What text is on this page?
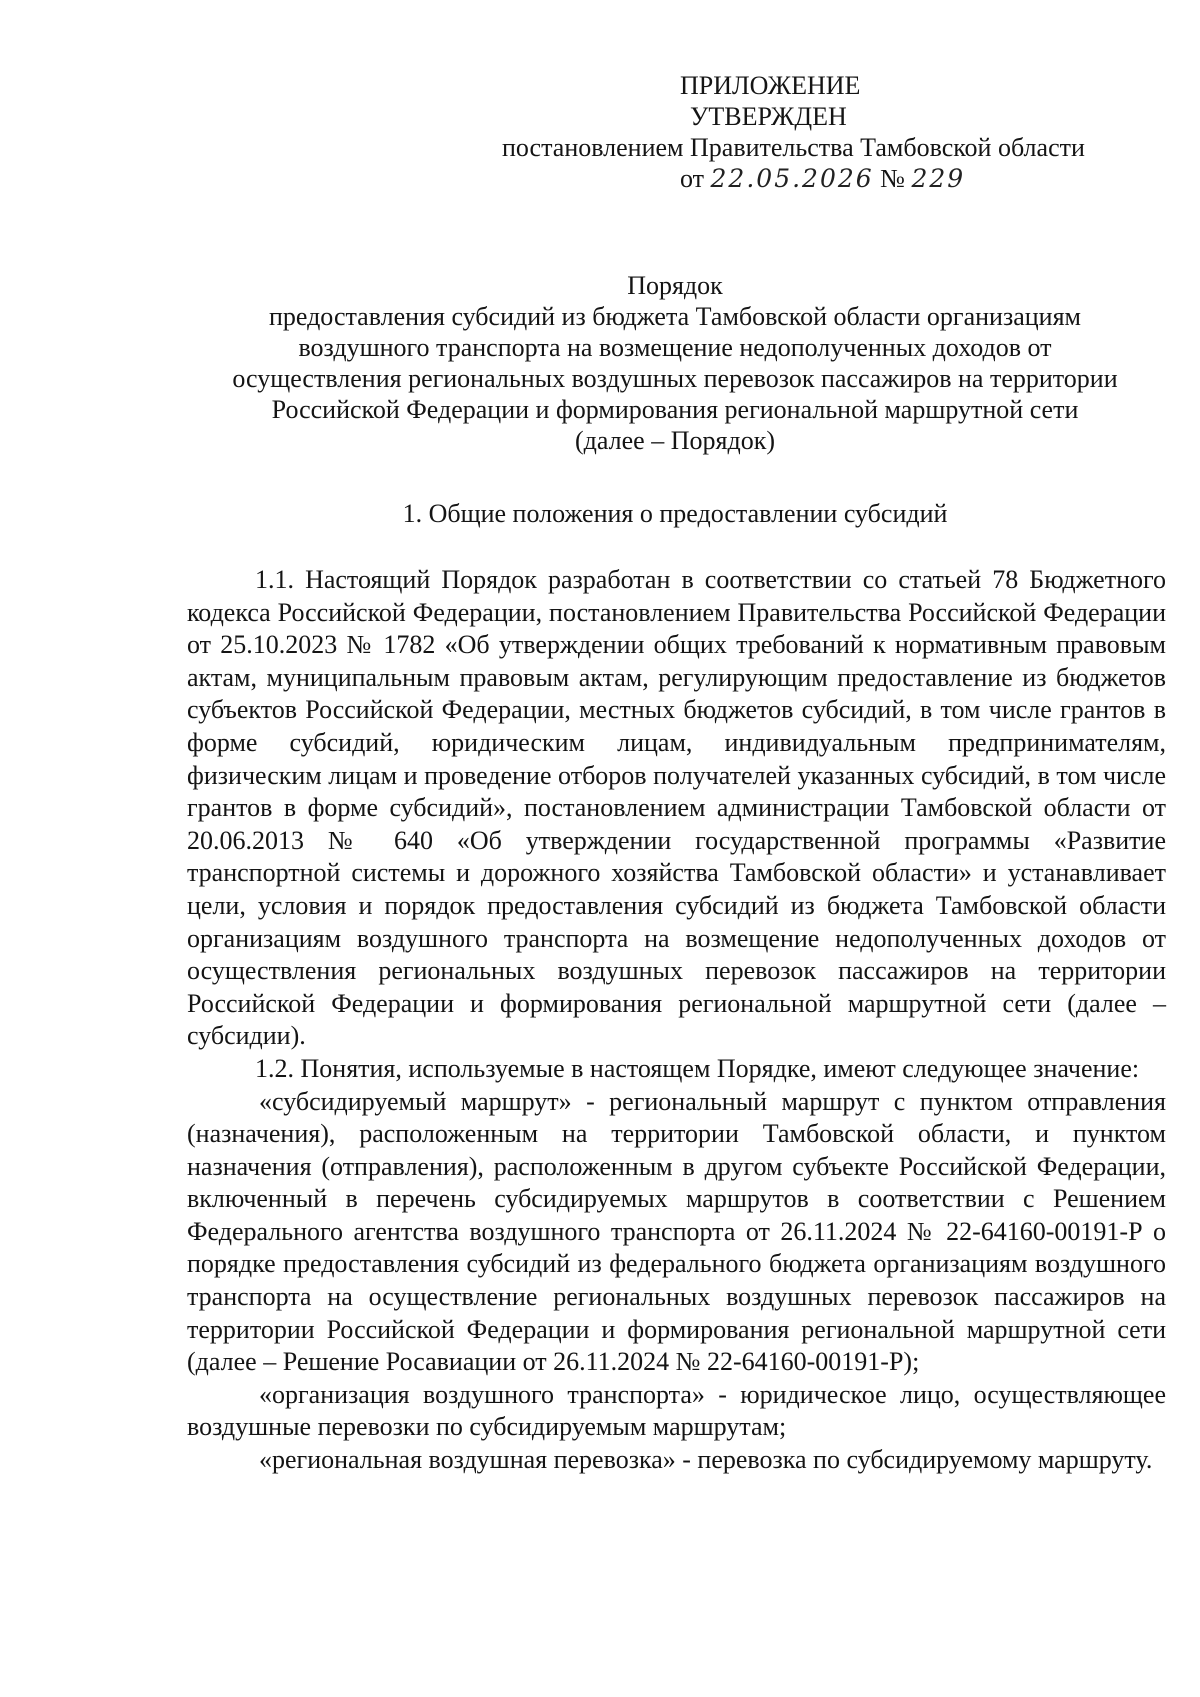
ПРИЛОЖЕНИЕ
УТВЕРЖДЕН
постановлением Правительства Тамбовской области
от 22.05.2026 № 229
Порядок
предоставления субсидий из бюджета Тамбовской области организациям
воздушного транспорта на возмещение недополученных доходов от
осуществления региональных воздушных перевозок пассажиров на территории
Российской Федерации и формирования региональной маршрутной сети
(далее – Порядок)
1. Общие положения о предоставлении субсидий

1.1. Настоящий Порядок разработан в соответствии со статьей 78 Бюджетного кодекса Российской Федерации, постановлением Правительства Российской Федерации от 25.10.2023 № 1782 «Об утверждении общих требований к нормативным правовым актам, муниципальным правовым актам, регулирующим предоставление из бюджетов субъектов Российской Федерации, местных бюджетов субсидий, в том числе грантов в форме субсидий, юридическим лицам, индивидуальным предпринимателям, физическим лицам и проведение отборов получателей указанных субсидий, в том числе грантов в форме субсидий», постановлением администрации Тамбовской области от 20.06.2013 № 640 «Об утверждении государственной программы «Развитие транспортной системы и дорожного хозяйства Тамбовской области» и устанавливает цели, условия и порядок предоставления субсидий из бюджета Тамбовской области организациям воздушного транспорта на возмещение недополученных доходов от осуществления региональных воздушных перевозок пассажиров на территории Российской Федерации и формирования региональной маршрутной сети (далее – субсидии).

1.2. Понятия, используемые в настоящем Порядке, имеют следующее значение:

«субсидируемый маршрут» - региональный маршрут с пунктом отправления (назначения), расположенным на территории Тамбовской области, и пунктом назначения (отправления), расположенным в другом субъекте Российской Федерации, включенный в перечень субсидируемых маршрутов в соответствии с Решением Федерального агентства воздушного транспорта от 26.11.2024 № 22-64160-00191-Р о порядке предоставления субсидий из федерального бюджета организациям воздушного транспорта на осуществление региональных воздушных перевозок пассажиров на территории Российской Федерации и формирования региональной маршрутной сети (далее – Решение Росавиации от 26.11.2024 № 22-64160-00191-Р);

«организация воздушного транспорта» - юридическое лицо, осуществляющее воздушные перевозки по субсидируемым маршрутам;

«региональная воздушная перевозка» - перевозка по субсидируемому маршруту.
